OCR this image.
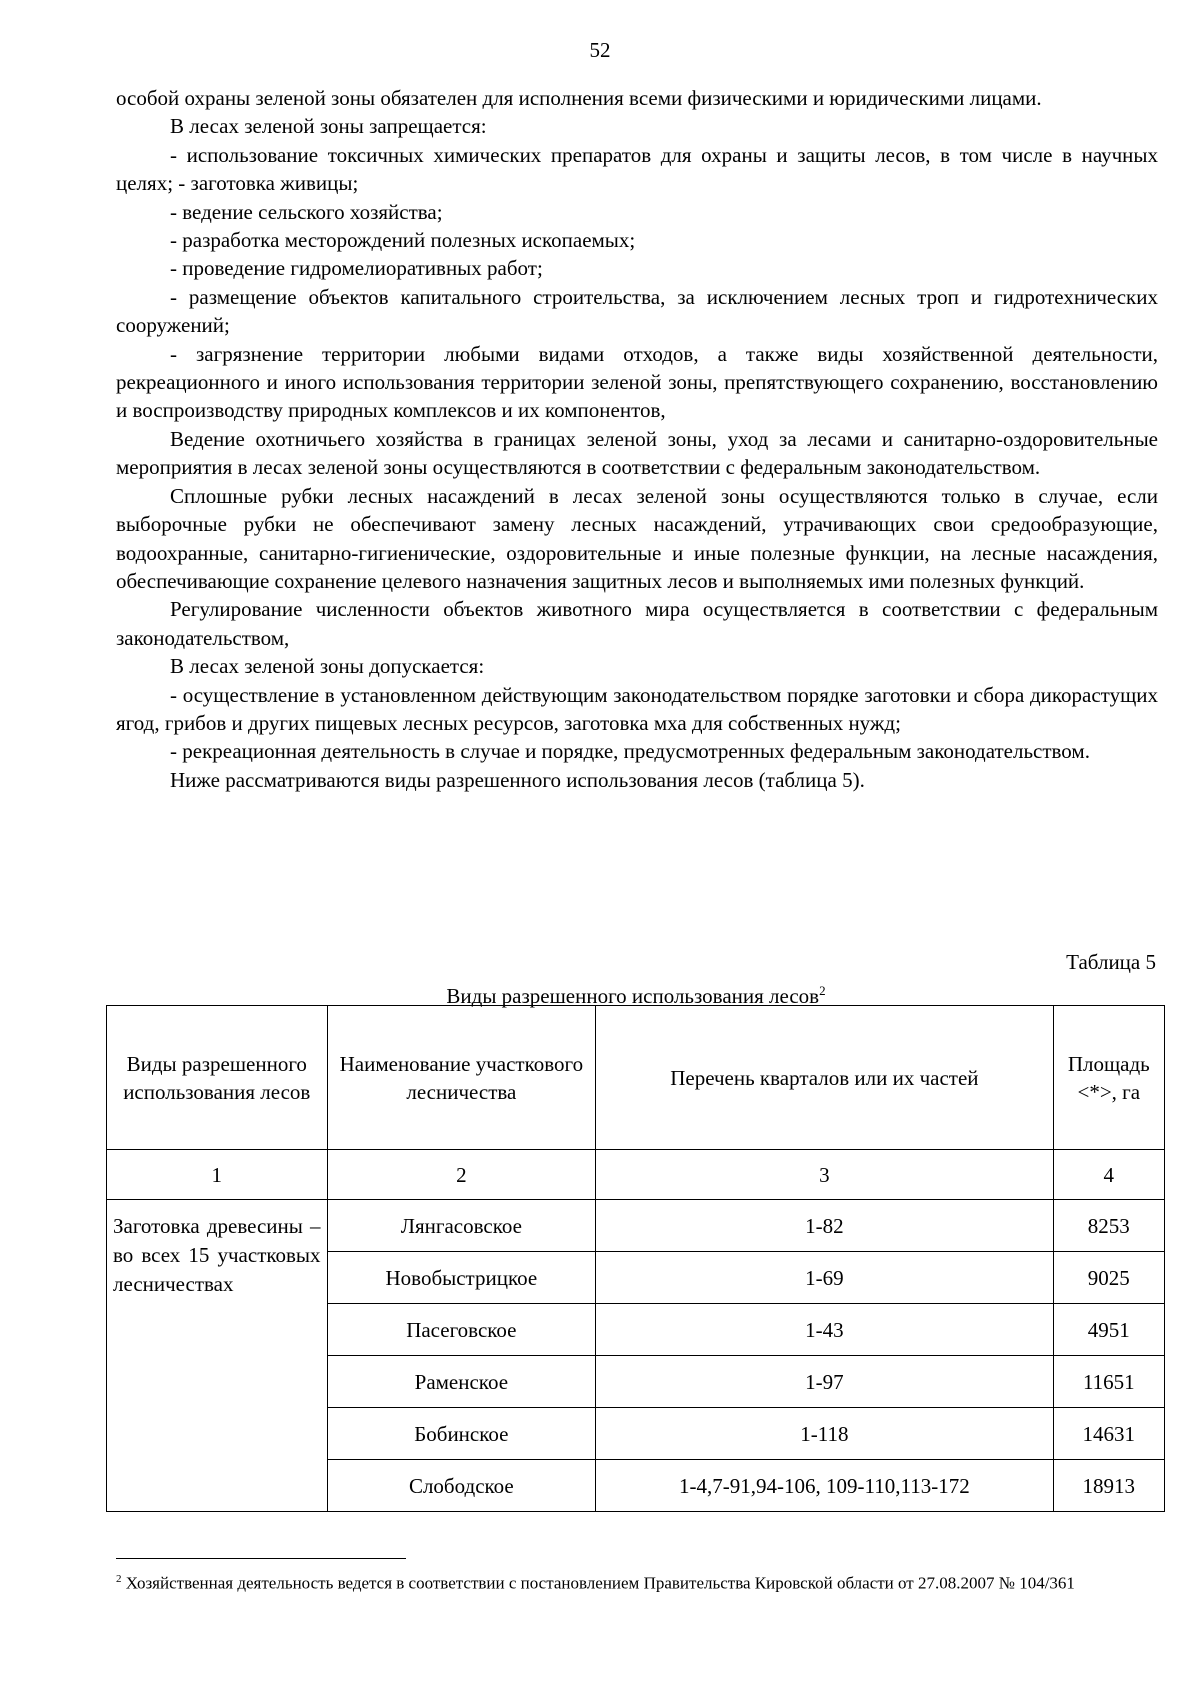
52

особой охраны зеленой зоны обязателен для исполнения всеми физическими и юридическими лицами.

В лесах зеленой зоны запрещается:

- использование токсичных химических препаратов для охраны и защиты лесов, в том числе в научных целях; - заготовка живицы;

- ведение сельского хозяйства;

- разработка месторождений полезных ископаемых;

- проведение гидромелиоративных работ;

- размещение объектов капитального строительства, за исключением лесных троп и гидротехнических сооружений;

- загрязнение территории любыми видами отходов, а также виды хозяйственной деятельности, рекреационного и иного использования территории зеленой зоны, препятствующего сохранению, восстановлению и воспроизводству природных комплексов и их компонентов,

Ведение охотничьего хозяйства в границах зеленой зоны, уход за лесами и санитарно-оздоровительные мероприятия в лесах зеленой зоны осуществляются в соответствии с федеральным законодательством.

Сплошные рубки лесных насаждений в лесах зеленой зоны осуществляются только в случае, если выборочные рубки не обеспечивают замену лесных насаждений, утрачивающих свои средообразующие, водоохранные, санитарно-гигиенические, оздоровительные и иные полезные функции, на лесные насаждения, обеспечивающие сохранение целевого назначения защитных лесов и выполняемых ими полезных функций.

Регулирование численности объектов животного мира осуществляется в соответствии с федеральным законодательством,

В лесах зеленой зоны допускается:

- осуществление в установленном действующим законодательством порядке заготовки и сбора дикорастущих ягод, грибов и других пищевых лесных ресурсов, заготовка мха для собственных нужд;

- рекреационная деятельность в случае и порядке, предусмотренных федеральным законодательством.

Ниже рассматриваются виды разрешенного использования лесов (таблица 5).

Таблица 5
Виды разрешенного использования лесов$^2$
Виды разрешенного использования лесов	Наименование участкового лесничества	Перечень кварталов или их частей	Площадь <*>, га
1	2	3	4
Заготовка древесины – во всех 15 участковых лесничествах	Лянгасовское	1-82	8253
	Новобыстрицкое	1-69	9025
	Пасеговское	1-43	4951
	Раменское	1-97	11651
	Бобинское	1-118	14631
	Слободское	1-4,7-91,94-106, 109-110,113-172	18913
$^2$ Хозяйственная деятельность ведется в соответствии с постановлением Правительства Кировской области от 27.08.2007 № 104/361
